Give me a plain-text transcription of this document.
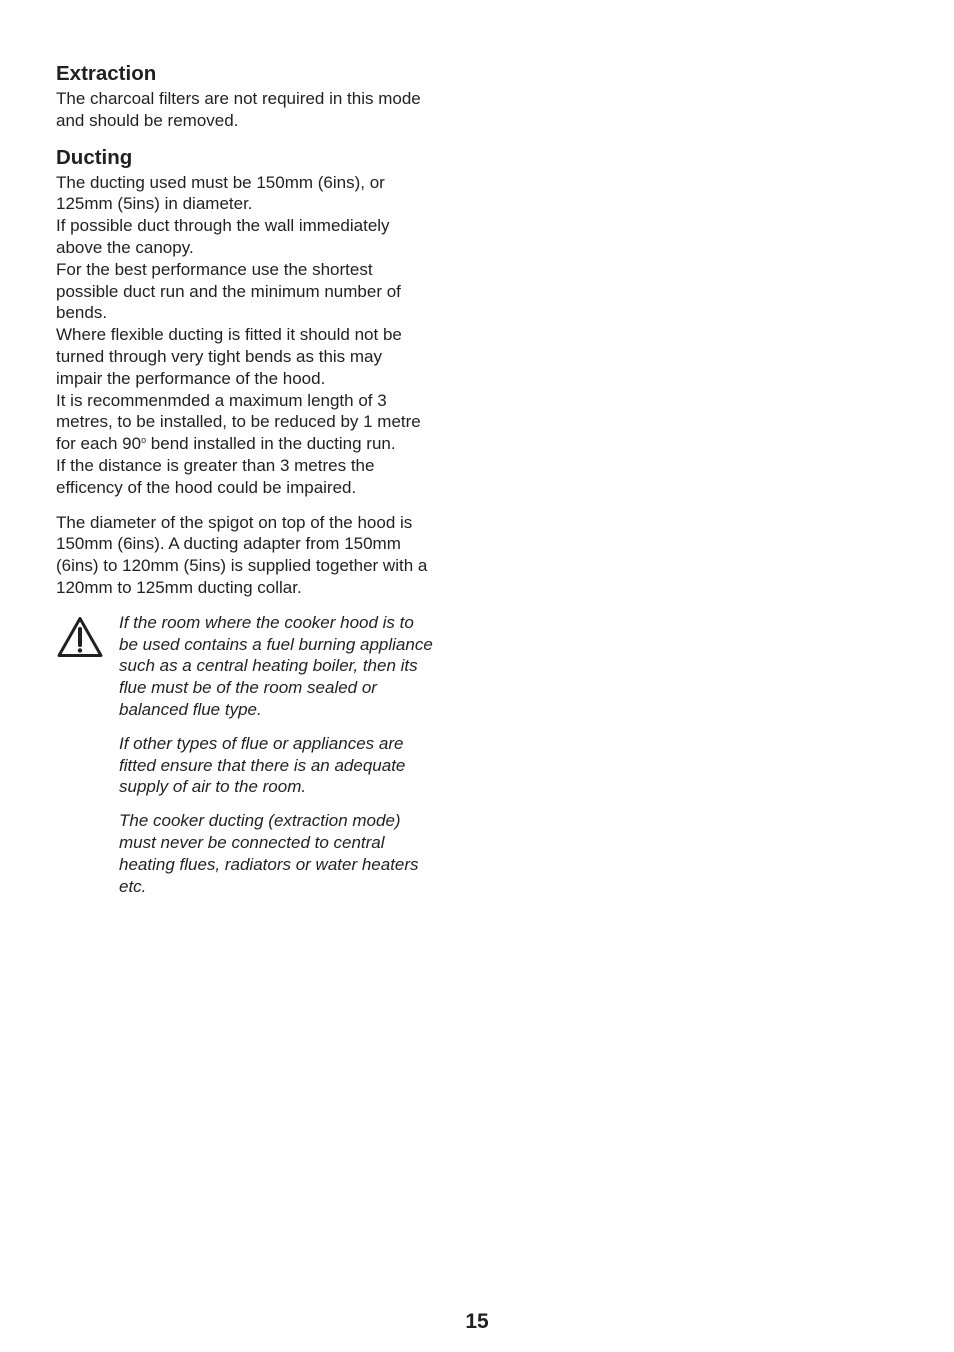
Extraction

The charcoal filters are not required in this mode
and should be removed.

Ducting

The ducting used must be 150mm (6ins), or
125mm (5ins) in diameter.
If possible duct through the wall immediately
above the canopy.
For the best performance use the shortest
possible duct run and the minimum number of
bends.
Where flexible ducting is fitted it should not be
turned through very tight bends as this may
impair the performance of the hood.
It is recommenmded a maximum length of 3
metres, to be installed, to be reduced by 1 metre
for each 90$^o$ bend installed in the ducting run.
If the distance is greater than 3 metres the
efficency of the hood could be impaired.

The diameter of the spigot on top of the hood is
150mm (6ins). A ducting adapter from 150mm
(6ins) to 120mm (5ins) is supplied together with a
120mm to 125mm ducting collar.

If the room where the cooker hood is to
be used contains a fuel burning appliance
such as a central heating boiler, then its
flue must be of the room sealed or
balanced flue type.

If other types of flue or appliances are
fitted ensure that there is an adequate
supply of air to the room.

The cooker ducting (extraction mode)
must never be connected to central
heating flues, radiators or water heaters
etc.

15
